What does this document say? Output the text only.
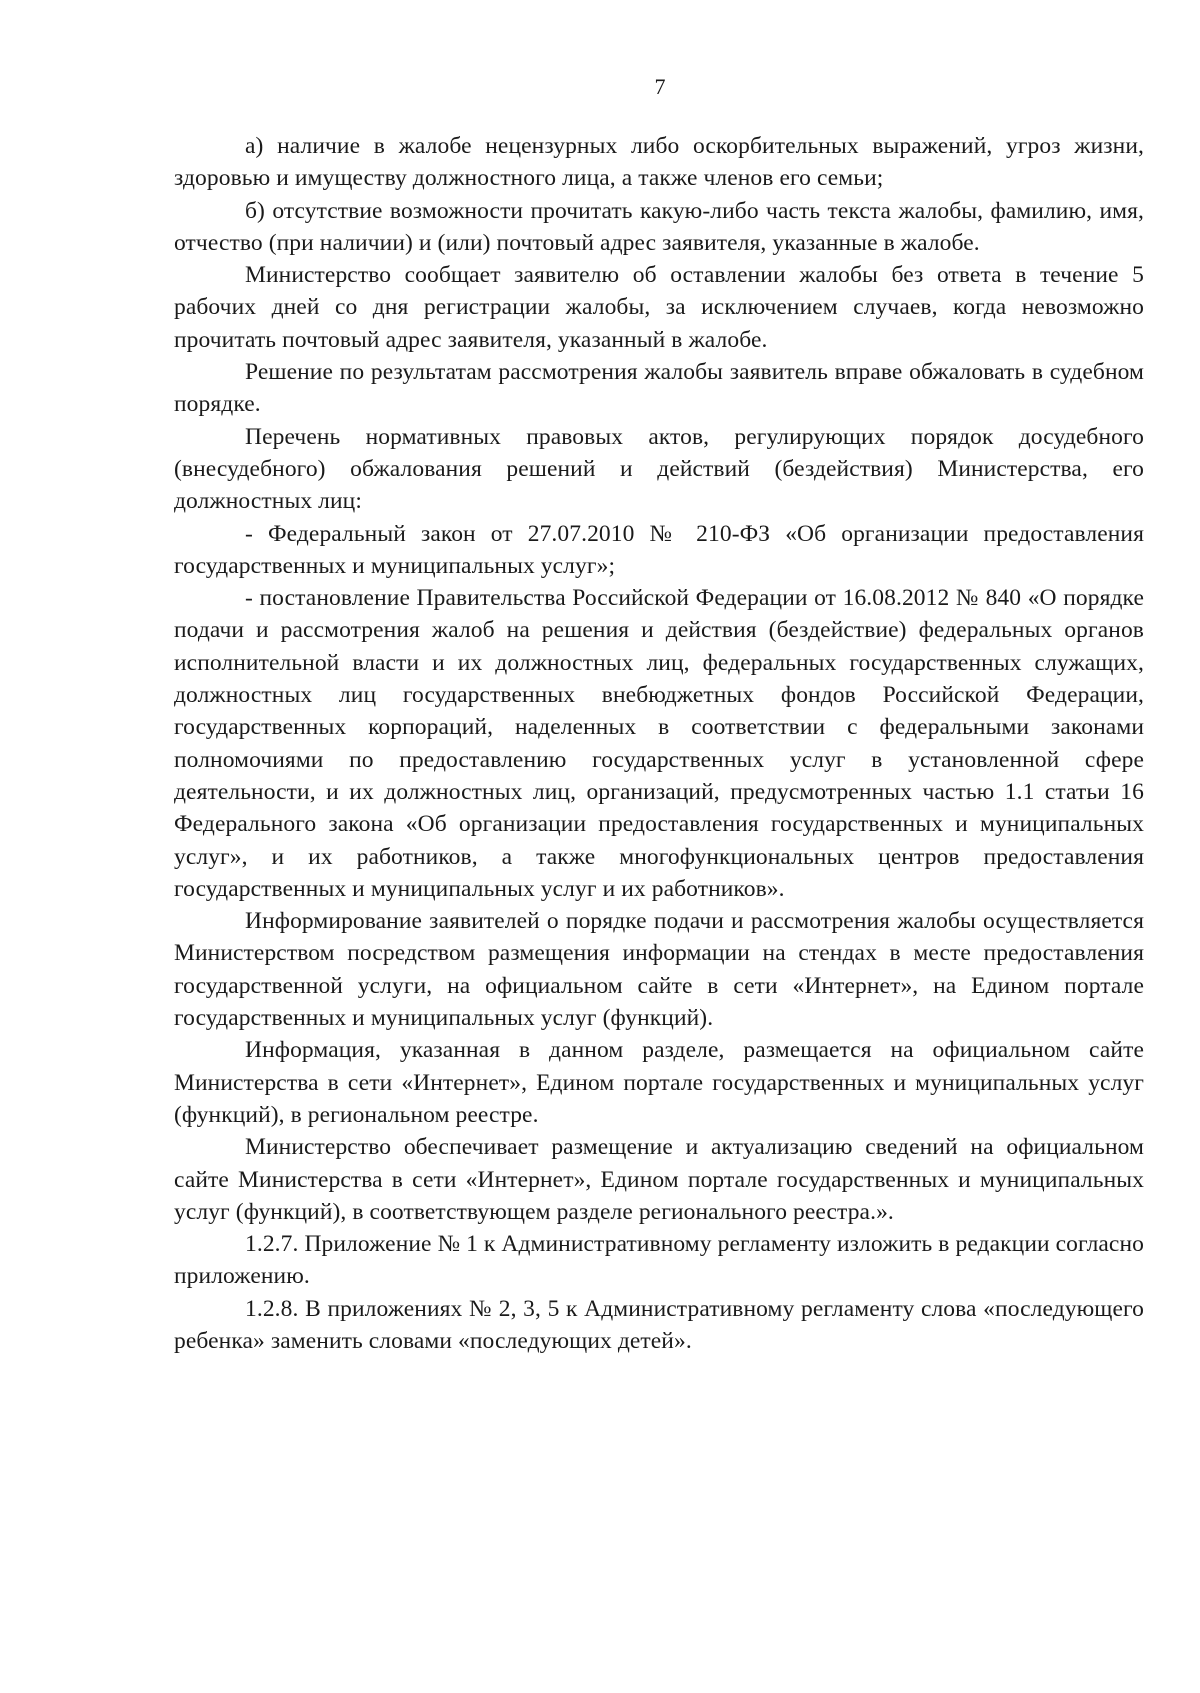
7

а) наличие в жалобе нецензурных либо оскорбительных выражений, угроз жизни, здоровью и имуществу должностного лица, а также членов его семьи;

б) отсутствие возможности прочитать какую-либо часть текста жалобы, фамилию, имя, отчество (при наличии) и (или) почтовый адрес заявителя, указанные в жалобе.

Министерство сообщает заявителю об оставлении жалобы без ответа в течение 5 рабочих дней со дня регистрации жалобы, за исключением случаев, когда невозможно прочитать почтовый адрес заявителя, указанный в жалобе.

Решение по результатам рассмотрения жалобы заявитель вправе обжаловать в судебном порядке.

Перечень нормативных правовых актов, регулирующих порядок досудебного (внесудебного) обжалования решений и действий (бездействия) Министерства, его должностных лиц:

- Федеральный закон от 27.07.2010 № 210-ФЗ «Об организации предоставления государственных и муниципальных услуг»;

- постановление Правительства Российской Федерации от 16.08.2012 № 840 «О порядке подачи и рассмотрения жалоб на решения и действия (бездействие) федеральных органов исполнительной власти и их должностных лиц, федеральных государственных служащих, должностных лиц государственных внебюджетных фондов Российской Федерации, государственных корпораций, наделенных в соответствии с федеральными законами полномочиями по предоставлению государственных услуг в установленной сфере деятельности, и их должностных лиц, организаций, предусмотренных частью 1.1 статьи 16 Федерального закона «Об организации предоставления государственных и муниципальных услуг», и их работников, а также многофункциональных центров предоставления государственных и муниципальных услуг и их работников».

Информирование заявителей о порядке подачи и рассмотрения жалобы осуществляется Министерством посредством размещения информации на стендах в месте предоставления государственной услуги, на официальном сайте в сети «Интернет», на Едином портале государственных и муниципальных услуг (функций).

Информация, указанная в данном разделе, размещается на официальном сайте Министерства в сети «Интернет», Едином портале государственных и муниципальных услуг (функций), в региональном реестре.

Министерство обеспечивает размещение и актуализацию сведений на официальном сайте Министерства в сети «Интернет», Едином портале государственных и муниципальных услуг (функций), в соответствующем разделе регионального реестра.».

1.2.7. Приложение № 1 к Административному регламенту изложить в редакции согласно приложению.

1.2.8. В приложениях № 2, 3, 5 к Административному регламенту слова «последующего ребенка» заменить словами «последующих детей».
